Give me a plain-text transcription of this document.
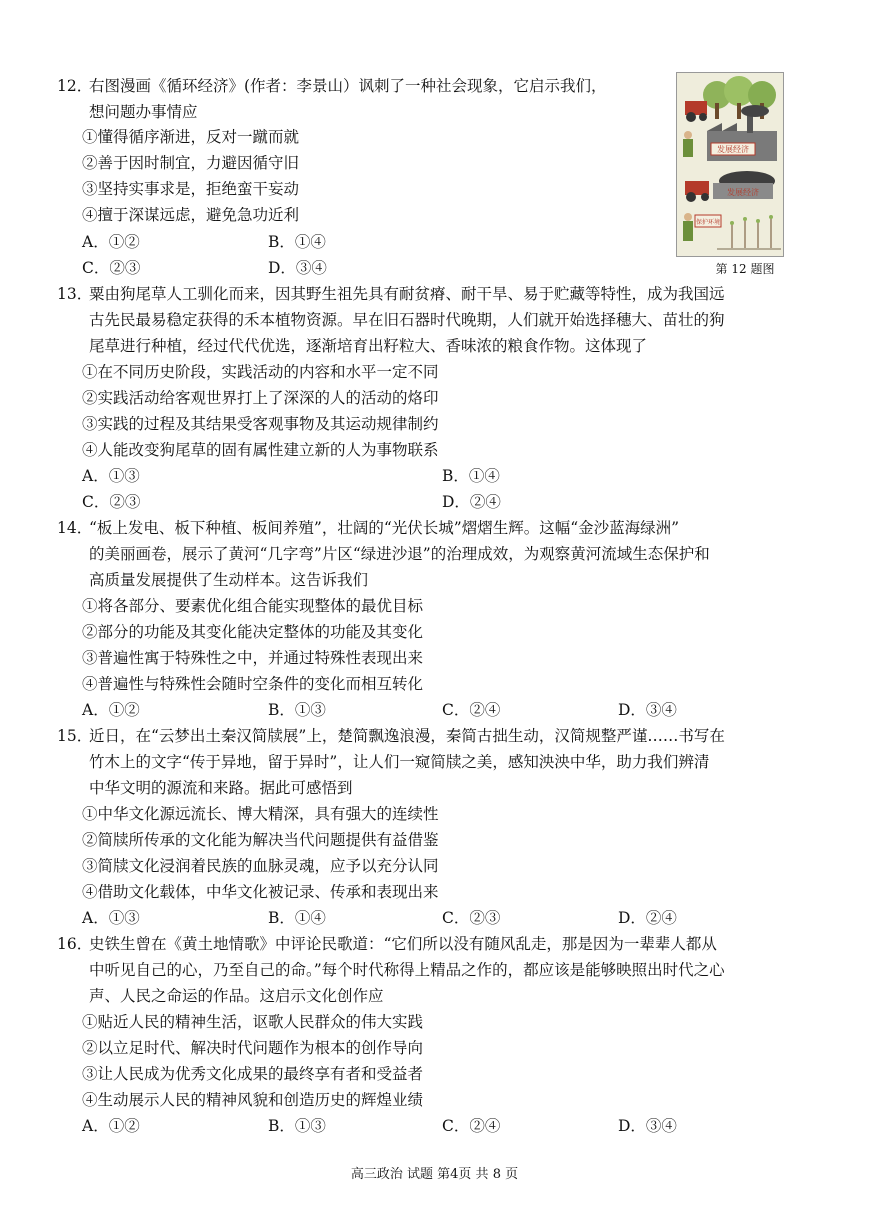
12．
右图漫画《循环经济》(作者：李景山）讽刺了一种社会现象，它启示我们，
想问题办事情应
①懂得循序渐进，反对一蹴而就
②善于因时制宜，力避因循守旧
③坚持实事求是，拒绝蛮干妄动
④擅于深谋远虑，避免急功近利
A．①②	B．①④
C．②③	D．③④
发展经济
发展经济
保护环境
第 12 题图
13．
粟由狗尾草人工驯化而来，因其野生祖先具有耐贫瘠、耐干旱、易于贮藏等特性，成为我国远
古先民最易稳定获得的禾本植物资源。早在旧石器时代晚期，人们就开始选择穗大、苗壮的狗
尾草进行种植，经过代代优选，逐渐培育出籽粒大、香味浓的粮食作物。这体现了
①在不同历史阶段，实践活动的内容和水平一定不同
②实践活动给客观世界打上了深深的人的活动的烙印
③实践的过程及其结果受客观事物及其运动规律制约
④人能改变狗尾草的固有属性建立新的人为事物联系
A．①③	B．①④
C．②③	D．②④
14．
“板上发电、板下种植、板间养殖”，壮阔的“光伏长城”熠熠生辉。这幅“金沙蓝海绿洲”
的美丽画卷，展示了黄河“几字弯”片区“绿进沙退”的治理成效，为观察黄河流域生态保护和
高质量发展提供了生动样本。这告诉我们
①将各部分、要素优化组合能实现整体的最优目标
②部分的功能及其变化能决定整体的功能及其变化
③普遍性寓于特殊性之中，并通过特殊性表现出来
④普遍性与特殊性会随时空条件的变化而相互转化
A．①②	B．①③	C．②④	D．③④
15．
近日，在“云梦出土秦汉简牍展”上，楚简飘逸浪漫，秦简古拙生动，汉简规整严谨……书写在
竹木上的文字“传于异地，留于异时”，让人们一窥简牍之美，感知泱泱中华，助力我们辨清
中华文明的源流和来路。据此可感悟到
①中华文化源远流长、博大精深，具有强大的连续性
②简牍所传承的文化能为解决当代问题提供有益借鉴
③简牍文化浸润着民族的血脉灵魂，应予以充分认同
④借助文化载体，中华文化被记录、传承和表现出来
A．①③	B．①④	C．②③	D．②④
16．
史铁生曾在《黄土地情歌》中评论民歌道：“它们所以没有随风乱走，那是因为一辈辈人都从
中听见自己的心，乃至自己的命。”每个时代称得上精品之作的，都应该是能够映照出时代之心
声、人民之命运的作品。这启示文化创作应
①贴近人民的精神生活，讴歌人民群众的伟大实践
②以立足时代、解决时代问题作为根本的创作导向
③让人民成为优秀文化成果的最终享有者和受益者
④生动展示人民的精神风貌和创造历史的辉煌业绩
A．①②	B．①③	C．②④	D．③④
高三政治 试题 第4页 共 8 页
